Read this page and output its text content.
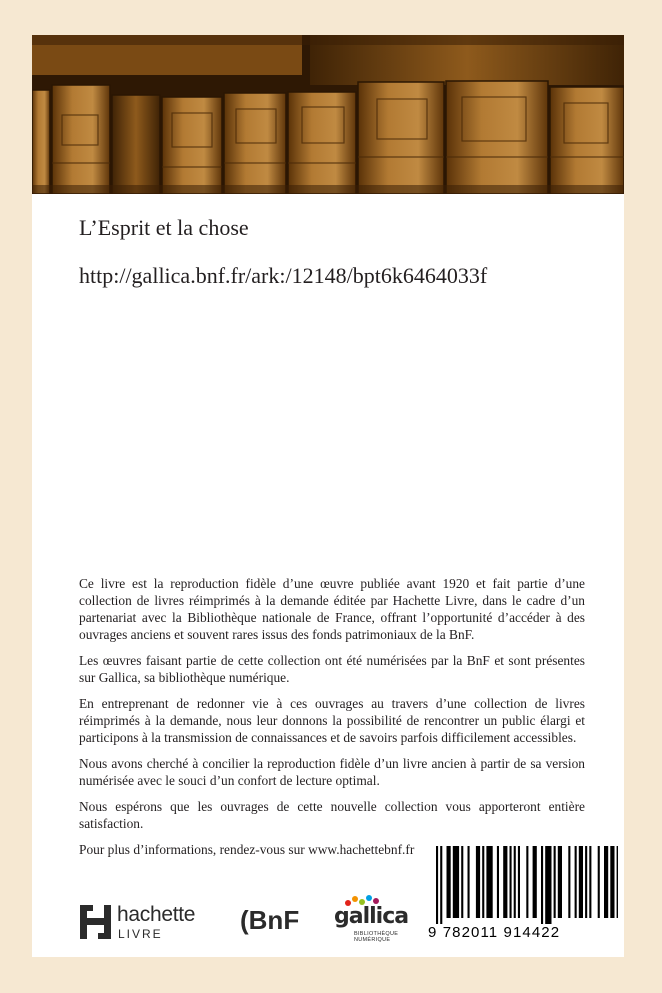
L’Esprit et la chose
http://gallica.bnf.fr/ark:/12148/bpt6k6464033f

Ce livre est la reproduction fidèle d’une œuvre publiée avant 1920 et fait partie d’une collection de livres réimprimés à la demande éditée par Hachette Livre, dans le cadre d’un partenariat avec la Bibliothèque nationale de France, offrant l’opportunité d’accéder à des ouvrages anciens et souvent rares issus des fonds patrimoniaux de la BnF.

Les œuvres faisant partie de cette collection ont été numérisées par la BnF et sont présentes sur Gallica, sa bibliothèque numérique.

En entreprenant de redonner vie à ces ouvrages au travers d’une collection de livres réimprimés à la demande, nous leur donnons la possibilité de rencontrer un public élargi et participons à la transmission de connaissances et de savoirs parfois difficilement accessibles.

Nous avons cherché à concilier la reproduction fidèle d’un livre ancien à partir de sa version numérisée avec le souci d’un confort de lecture optimal.

Nous espérons que les ouvrages de cette nouvelle collection vous apporteront entière satisfaction.

Pour plus d’informations, rendez-vous sur www.hachettebnf.fr

hachette
LIVRE	(BnF gallica
BIBLIOTHÈQUE
NUMÉRIQUE	9 782011 914422
